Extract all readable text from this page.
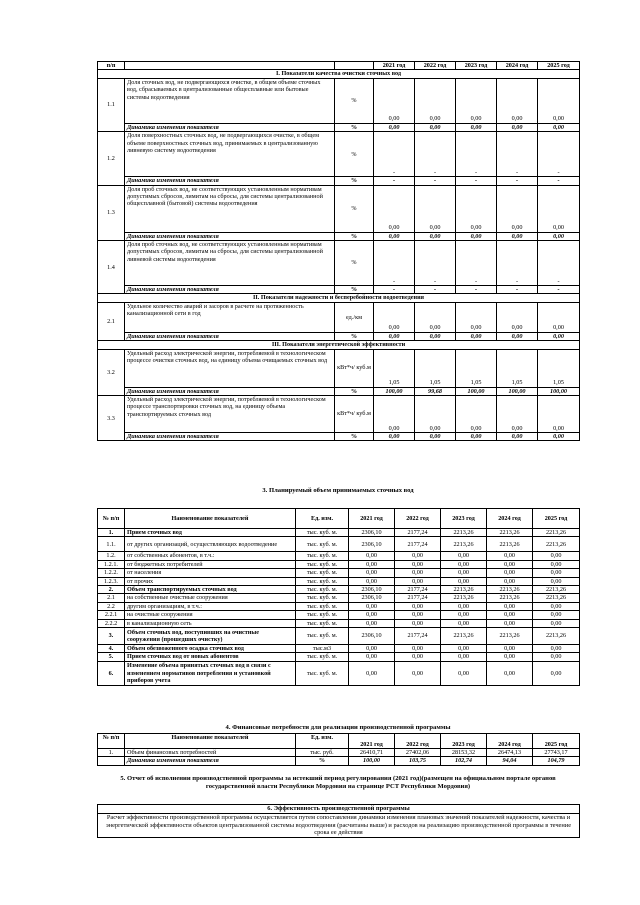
п/п			2021 год	2022 год	2023 год	2024 год	2025 год
I. Показатели качества очистки сточных вод							
1.1	Доля сточных вод, не подвергающихся очистке, в общем объеме сточных вод, сбрасываемых в централизованные общесплавные или бытовые системы водоотведения	%	0,00	0,00	0,00	0,00	0,00
	Динамика изменения показателя	%	0,00	0,00	0,00	0,00	0,00
1.2	Доля поверхностных сточных вод, не подвергающихся очистке, в общем объеме поверхностных сточных вод, принимаемых в централизованную ливневую систему водоотведения	%	-	-	-	-	-
	Динамика изменения показателя	%	-	-	-	-	-
1.3	Доля проб сточных вод, не соответствующих установленным нормативам допустимых сбросов, лимитам на сбросы, для системы централизованной общесплавной (бытовой) системы водоотведения	%	0,00	0,00	0,00	0,00	0,00
	Динамика изменения показателя	%	0,00	0,00	0,00	0,00	0,00
1.4	Доля проб сточных вод, не соответствующих установленным нормативам допустимых сбросов, лимитам на сбросы, для системы централизованной ливневой системы водоотведения	%	-	-	-	-	-
	Динамика изменения показателя	%	-	-	-	-	-
II. Показатели надежности и бесперебойности водоотведения							
2.1	Удельное количество аварий и засоров в расчете на протяженность канализационной сети в год	ед./км	0,00	0,00	0,00	0,00	0,00
	Динамика изменения показателя	%	0,00	0,00	0,00	0,00	0,00
III. Показатели энергетической эффективности							
3.2	Удельный расход электрической энергии, потребляемой в технологическом процессе очистки сточных вод, на единицу объема очищаемых сточных вод	кВт*ч/ куб.м	1,05	1,05	1,05	1,05	1,05
	Динамика изменения показателя	%	100,00	99,68	100,00	100,00	100,00
3.3	Удельный расход электрической энергии, потребляемой в технологическом процессе транспортировки сточных вод, на единицу объема транспортируемых сточных вод	кВт*ч/ куб.м	0,00	0,00	0,00	0,00	0,00
	Динамика изменения показателя	%	0,00	0,00	0,00	0,00	0,00
3. Планируемый объем принимаемых сточных вод
№ п/п	Наименование показателей	Ед. изм.	2021 год	2022 год	2023 год	2024 год	2025 год
1.	Прием сточных вод	тыс. куб. м.	2306,10	2177,24	2213,26	2213,26	2213,26
1.1.	от других организаций, осуществляющих водоотведение	тыс. куб. м.	2306,10	2177,24	2213,26	2213,26	2213,26
1.2.	от собственных абонентов, в т.ч.:	тыс. куб. м.	0,00	0,00	0,00	0,00	0,00
1.2.1.	от бюджетных потребителей	тыс. куб. м.	0,00	0,00	0,00	0,00	0,00
1.2.2.	от населения	тыс. куб. м.	0,00	0,00	0,00	0,00	0,00
1.2.3.	от прочих	тыс. куб. м.	0,00	0,00	0,00	0,00	0,00
2.	Объем транспортируемых сточных вод	тыс. куб. м.	2306,10	2177,24	2213,26	2213,26	2213,26
2.1	на собственные очистные сооружения	тыс. куб. м.	2306,10	2177,24	2213,26	2213,26	2213,26
2.2	другим организациям, в т.ч.:	тыс. куб. м.	0,00	0,00	0,00	0,00	0,00
2.2.1	на очистные сооружения	тыс. куб. м.	0,00	0,00	0,00	0,00	0,00
2.2.2	в канализационную сеть	тыс. куб. м.	0,00	0,00	0,00	0,00	0,00
3.	Объем сточных вод, поступивших на очистные сооружения (прошедших очистку)	тыс. куб. м.	2306,10	2177,24	2213,26	2213,26	2213,26
4.	Объем обезвоженного осадка сточных вод	тыс.м3	0,00	0,00	0,00	0,00	0,00
5.	Прием сточных вод от новых абонентов	тыс. куб. м.	0,00	0,00	0,00	0,00	0,00
6.	Изменение объема принятых сточных вод в связи с изменением нормативов потребления и установкой приборов учета	тыс. куб. м.	0,00	0,00	0,00	0,00	0,00
4. Финансовые потребности для реализации производственной программы
№ п/п	Наименование показателей	Ед. изм.	2021 год	2022 год	2023 год	2024 год	2025 год
1.	Объем финансовых потребностей	тыс. руб.	26410,71	27402,06	28153,32	26474,13	27743,17
	Динамика изменения показателя	%	100,00	103,75	102,74	94,04	104,79
5. Отчет об исполнении производственной программы за истекший период регулирования (2021 год)(размещен на официальном портале органов государственной власти Республики Мордовия на странице РСТ Республики Мордовия)
6. Эффективность производственной программы
Расчет эффективности производственной программы осуществляется путем сопоставления динамики изменения плановых значений показателей надежности, качества и энергетической эффективности объектов централизованной системы водоотведения (расчитаны выше) и расходов на реализацию производственной программы в течение срока ее действия
